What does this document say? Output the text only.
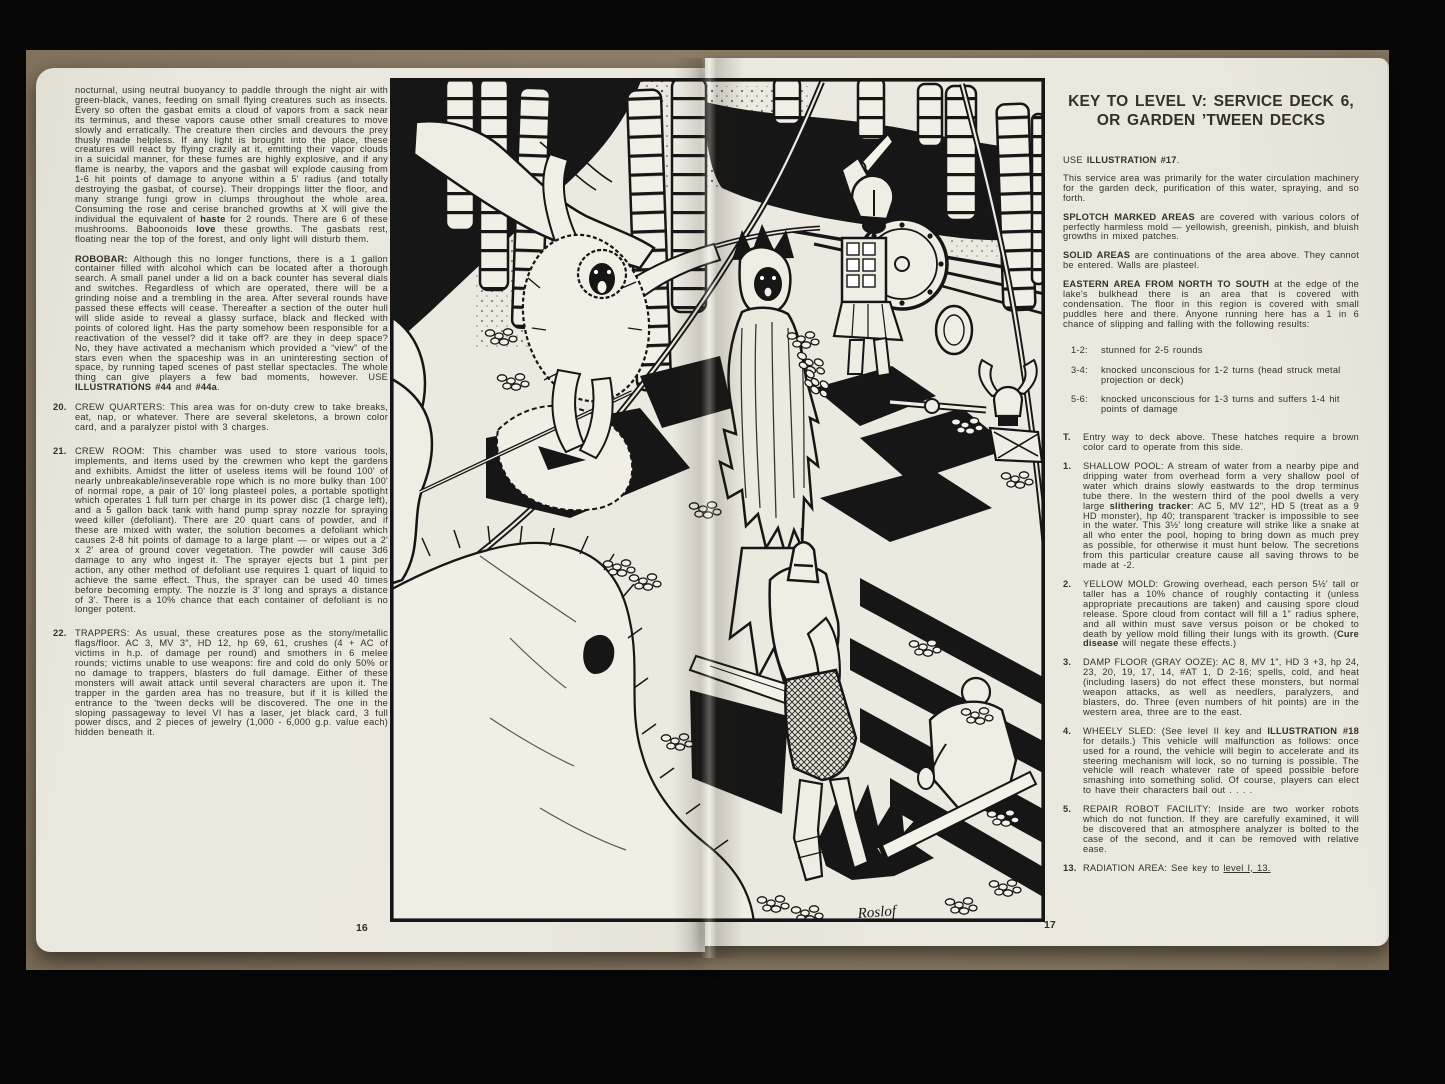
nocturnal, using neutral buoyancy to paddle through the night air with green-black, vanes, feeding on small flying creatures such as insects. Every so often the gasbat emits a cloud of vapors from a sack near its terminus, and these vapors cause other small creatures to move slowly and erratically. The creature then circles and devours the prey thusly made helpless. If any light is brought into the place, these creatures will react by flying crazily at it, emitting their vapor clouds in a suicidal manner, for these fumes are highly explosive, and if any flame is nearby, the vapors and the gasbat will explode causing from 1-6 hit points of damage to anyone within a 5' radius (and totally destroying the gasbat, of course). Their droppings litter the floor, and many strange fungi grow in clumps throughout the whole area. Consuming the rose and cerise branched growths at X will give the individual the equivalent of haste for 2 rounds. There are 6 of these mushrooms. Baboonoids love these growths. The gasbats rest, floating near the top of the forest, and only light will disturb them.

ROBOBAR: Although this no longer functions, there is a 1 gallon container filled with alcohol which can be located after a thorough search. A small panel under a lid on a back counter has several dials and switches. Regardless of which are operated, there will be a grinding noise and a trembling in the area. After several rounds have passed these effects will cease. Thereafter a section of the outer hull will slide aside to reveal a glassy surface, black and flecked with points of colored light. Has the party somehow been responsible for a reactivation of the vessel? did it take off? are they in deep space? No, they have activated a mechanism which provided a “view” of the stars even when the spaceship was in an uninteresting section of space, by running taped scenes of past stellar spectacles. The whole thing can give players a few bad moments, however. USE ILLUSTRATIONS #44 and #44a.

20. CREW QUARTERS: This area was for on-duty crew to take breaks, eat, nap, or whatever. There are several skeletons, a brown color card, and a paralyzer pistol with 3 charges.

21. CREW ROOM: This chamber was used to store various tools, implements, and items used by the crewmen who kept the gardens and exhibits. Amidst the litter of useless items will be found 100' of nearly unbreakable/inseverable rope which is no more bulky than 100' of normal rope, a pair of 10' long plasteel poles, a portable spotlight which operates 1 full turn per charge in its power disc (1 charge left), and a 5 gallon back tank with hand pump spray nozzle for spraying weed killer (defoliant). There are 20 quart cans of powder, and if these are mixed with water, the solution becomes a defoliant which causes 2-8 hit points of damage to a large plant — or wipes out a 2' x 2' area of ground cover vegetation. The powder will cause 3d6 damage to any who ingest it. The sprayer ejects but 1 pint per action, any other method of defoliant use requires 1 quart of liquid to achieve the same effect. Thus, the sprayer can be used 40 times before becoming empty. The nozzle is 3' long and sprays a distance of 3'. There is a 10% chance that each container of defoliant is no longer potent.

22. TRAPPERS: As usual, these creatures pose as the stony/metallic flags/floor. AC 3, MV 3", HD 12, hp 69, 61, crushes (4 + AC of victims in h.p. of damage per round) and smothers in 6 melee rounds; victims unable to use weapons: fire and cold do only 50% or no damage to trappers, blasters do full damage. Either of these monsters will await attack until several characters are upon it. The trapper in the garden area has no treasure, but if it is killed the entrance to the 'tween decks will be discovered. The one in the sloping passageway to level VI has a laser, jet black card, 3 full power discs, and 2 pieces of jewelry (1,000 - 6,000 g.p. value each) hidden beneath it.

Roslof
KEY TO LEVEL V: SERVICE DECK 6,
OR GARDEN ’TWEEN DECKS

USE ILLUSTRATION #17.

This service area was primarily for the water circulation machinery for the garden deck, purification of this water, spraying, and so forth.

SPLOTCH MARKED AREAS are covered with various colors of perfectly harmless mold — yellowish, greenish, pinkish, and bluish growths in mixed patches.

SOLID AREAS are continuations of the area above. They cannot be entered. Walls are plasteel.

EASTERN AREA FROM NORTH TO SOUTH at the edge of the lake's bulkhead there is an area that is covered with condensation. The floor in this region is covered with small puddles here and there. Anyone running here has a 1 in 6 chance of slipping and falling with the following results:

1-2:	stunned for 2-5 rounds
3-4:	knocked unconscious for 1-2 turns (head struck metal projection or deck)
5-6:	knocked unconscious for 1-3 turns and suffers 1-4 hit points of damage
T. Entry way to deck above. These hatches require a brown color card to operate from this side.

1. SHALLOW POOL: A stream of water from a nearby pipe and dripping water from overhead form a very shallow pool of water which drains slowly eastwards to the drop terminus tube there. In the western third of the pool dwells a very large slithering tracker: AC 5, MV 12", HD 5 (treat as a 9 HD monster), hp 40; transparent 'tracker is impossible to see in the water. This 3½' long creature will strike like a snake at all who enter the pool, hoping to bring down as much prey as possible, for otherwise it must hunt below. The secretions from this particular creature cause all saving throws to be made at -2.

2. YELLOW MOLD: Growing overhead, each person 5½' tall or taller has a 10% chance of roughly contacting it (unless appropriate precautions are taken) and causing spore cloud release. Spore cloud from contact will fill a 1" radius sphere, and all within must save versus poison or be choked to death by yellow mold filling their lungs with its growth. (Cure disease will negate these effects.)

3. DAMP FLOOR (GRAY OOZE): AC 8, MV 1", HD 3 +3, hp 24, 23, 20, 19, 17, 14, #AT 1, D 2-16; spells, cold, and heat (including lasers) do not effect these monsters, but normal weapon attacks, as well as needlers, paralyzers, and blasters, do. Three (even numbers of hit points) are in the western area, three are to the east.

4. WHEELY SLED: (See level II key and ILLUSTRATION #18 for details.) This vehicle will malfunction as follows: once used for a round, the vehicle will begin to accelerate and its steering mechanism will lock, so no turning is possible. The vehicle will reach whatever rate of speed possible before smashing into something solid. Of course, players can elect to have their characters bail out . . . .

5. REPAIR ROBOT FACILITY: Inside are two worker robots which do not function. If they are carefully examined, it will be discovered that an atmosphere analyzer is bolted to the case of the second, and it can be removed with relative ease.

13. RADIATION AREA: See key to level I, 13.

16	17
